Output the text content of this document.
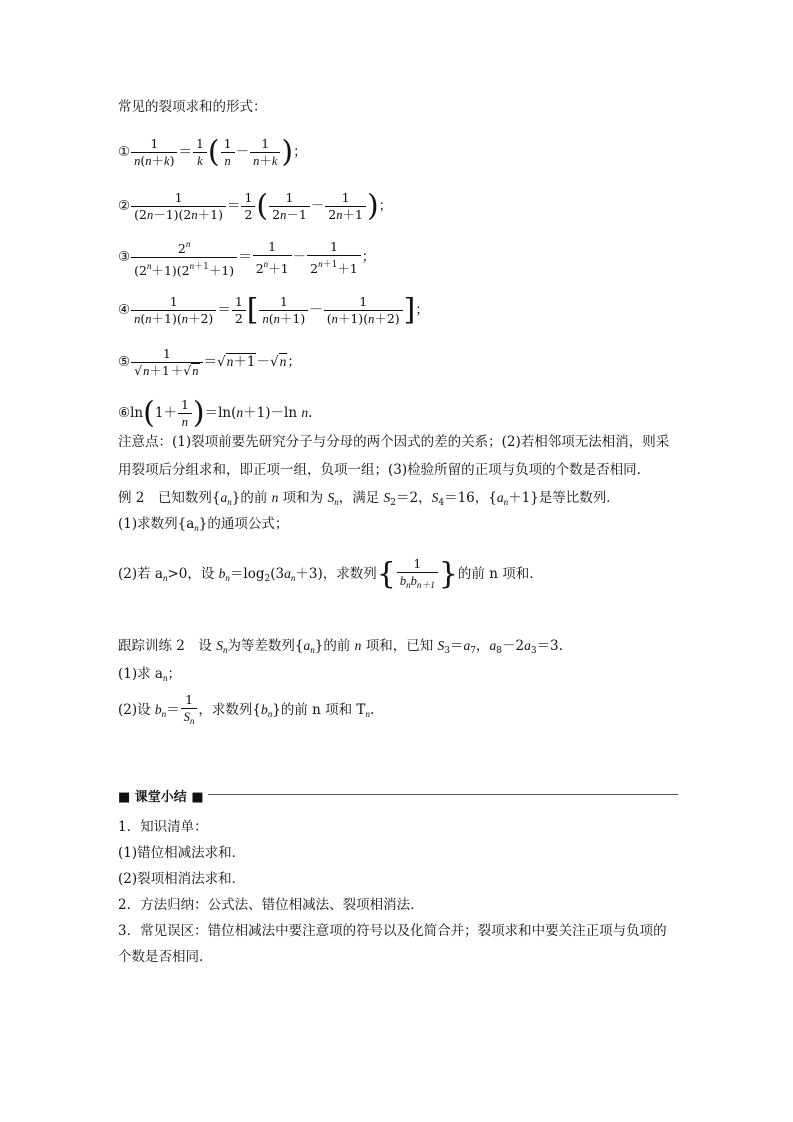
常见的裂项求和的形式：
① $\frac{1}{n(n+k)} = \frac{1}{k}$ ( $\frac{1}{n} - \frac{1}{n+k}$ )；
② $\frac{1}{(2n-1)(2n+1)} = \frac{1}{2}$ ( $\frac{1}{2n-1} - \frac{1}{2n+1}$ )；
③ $\frac{2^n}{(2^n+1)(2^{n+1}+1)} = \frac{1}{2^n+1} - \frac{1}{2^{n+1}+1}$ ；
④ $\frac{1}{n(n+1)(n+2)} = \frac{1}{2}$ [ $\frac{1}{n(n+1)} - \frac{1}{(n+1)(n+2)}$ ]；
⑤ $\frac{1}{√n+1+√n} =√n+1-√n$；
⑥ln(1＋ $\frac{1}{n} )=\ln(n+1)-\ln$ n.
注意点：(1)裂项前要先研究分子与分母的两个因式的差的关系；(2)若相邻项无法相消，则采
用裂项后分组求和，即正项一组，负项一组；(3)检验所留的正项与负项的个数是否相同.
例 2　已知数列$\{a_n\}$的前 n 项和为 $S_n$，满足 $S_2=2$，$S_4=16$，$\{a_n+1\}$是等比数列．
(1)求数列$\{a_n\}$的通项公式；
(2)若 $a_n>0$，设 $b_n=\log_2(3a_n+3)$，求数列{ $\frac{1}{b_nb_{n+1}}$ }的前 n 项和.
跟踪训练 2　设 $S_n$为等差数列$\{a_n\}$的前 n 项和，已知 $S_3=a_7$，$a_8-2a_3=3$.
(1)求 $a_n$；
(2)设 $b_n= \frac{1}{S_n}$ ，求数列$\{b_n\}$的前 n 项和 $T_n$.
■ 课堂小结 ■
1．知识清单：
(1)错位相减法求和．
(2)裂项相消法求和．
2．方法归纳：公式法、错位相减法、裂项相消法．
3．常见误区：错位相减法中要注意项的符号以及化简合并；裂项求和中要关注正项与负项的
个数是否相同.
